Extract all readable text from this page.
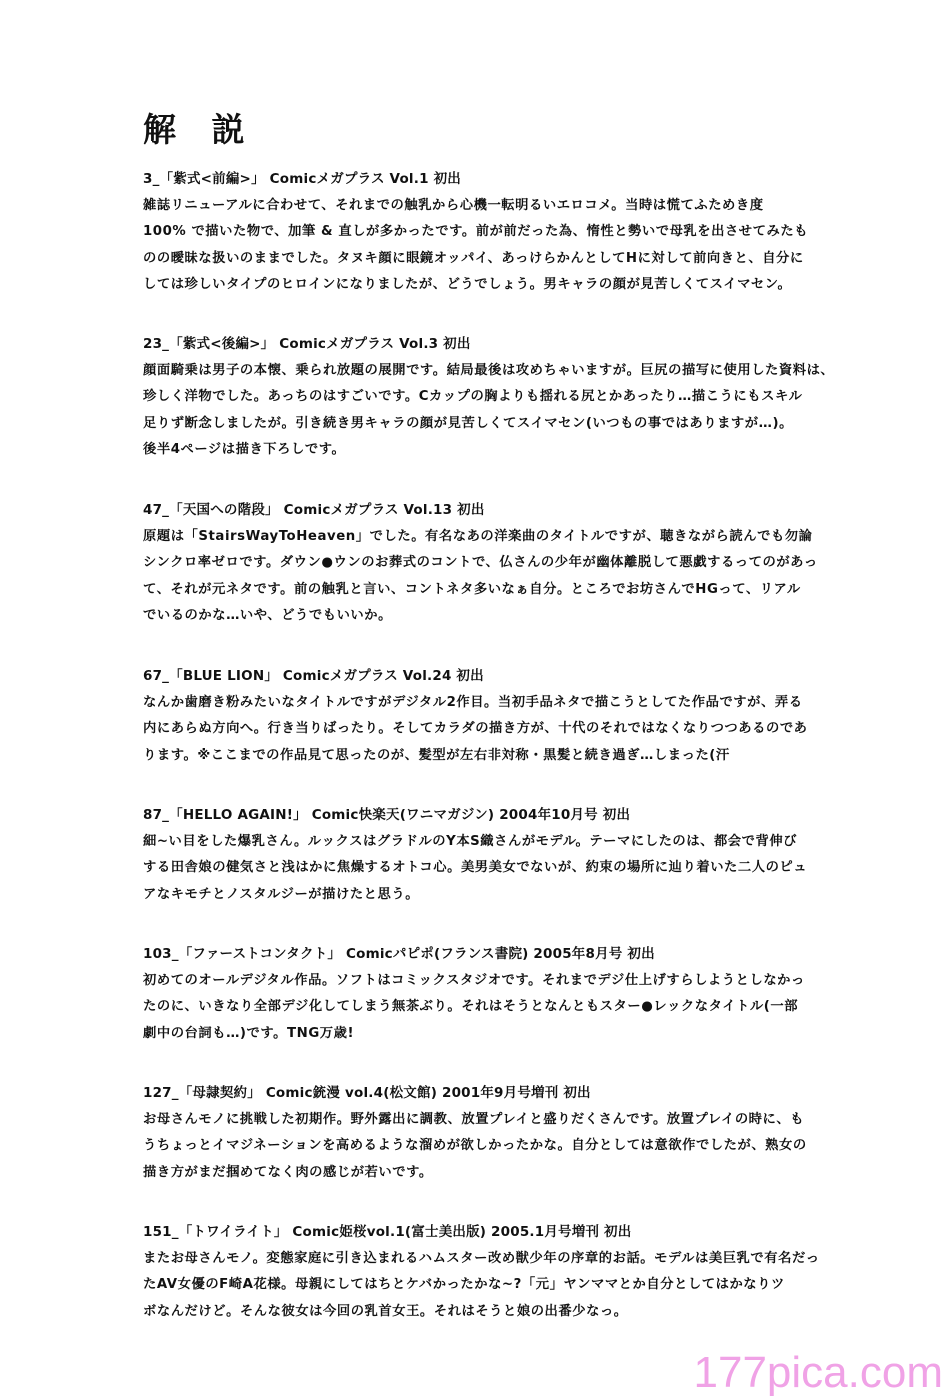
解 説
3_「紫式<前編>」 Comicメガプラス Vol.1 初出
雑誌リニューアルに合わせて、それまでの触乳から心機一転明るいエロコメ。当時は慌てふためき度
100% で描いた物で、加筆 & 直しが多かったです。前が前だった為、惰性と勢いで母乳を出させてみたも
のの曖昧な扱いのままでした。タヌキ顔に眼鏡オッパイ、あっけらかんとしてHに対して前向きと、自分に
しては珍しいタイプのヒロインになりましたが、どうでしょう。男キャラの顔が見苦しくてスイマセン。
23_「紫式<後編>」 Comicメガプラス Vol.3 初出
顔面騎乗は男子の本懐、乗られ放題の展開です。結局最後は攻めちゃいますが。巨尻の描写に使用した資料は、
珍しく洋物でした。あっちのはすごいです。Cカップの胸よりも揺れる尻とかあったり…描こうにもスキル
足りず断念しましたが。引き続き男キャラの顔が見苦しくてスイマセン(いつもの事ではありますが…)。
後半4ページは描き下ろしです。
47_「天国への階段」 Comicメガプラス Vol.13 初出
原題は「StairsWayToHeaven」でした。有名なあの洋楽曲のタイトルですが、聴きながら読んでも勿論
シンクロ率ゼロです。ダウン●ウンのお葬式のコントで、仏さんの少年が幽体離脱して悪戯するってのがあっ
て、それが元ネタです。前の触乳と言い、コントネタ多いなぁ自分。ところでお坊さんでHGって、リアル
でいるのかな…いや、どうでもいいか。
67_「BLUE LION」 Comicメガプラス Vol.24 初出
なんか歯磨き粉みたいなタイトルですがデジタル2作目。当初手品ネタで描こうとしてた作品ですが、弄る
内にあらぬ方向へ。行き当りばったり。そしてカラダの描き方が、十代のそれではなくなりつつあるのであ
ります。※ここまでの作品見て思ったのが、髪型が左右非対称・黒髪と続き過ぎ…しまった(汗
87_「HELLO AGAIN!」 Comic快楽天(ワニマガジン) 2004年10月号 初出
細~い目をした爆乳さん。ルックスはグラドルのY本S織さんがモデル。テーマにしたのは、都会で背伸び
する田舎娘の健気さと浅はかに焦燥するオトコ心。美男美女でないが、約束の場所に辿り着いた二人のピュ
アなキモチとノスタルジーが描けたと思う。
103_「ファーストコンタクト」 Comicパピポ(フランス書院) 2005年8月号 初出
初めてのオールデジタル作品。ソフトはコミックスタジオです。それまでデジ仕上げすらしようとしなかっ
たのに、いきなり全部デジ化してしまう無茶ぶり。それはそうとなんともスター●レックなタイトル(一部
劇中の台詞も…)です。TNG万歳!
127_「母隷契約」 Comic銃漫 vol.4(松文館) 2001年9月号増刊 初出
お母さんモノに挑戦した初期作。野外露出に調教、放置プレイと盛りだくさんです。放置プレイの時に、も
うちょっとイマジネーションを高めるような溜めが欲しかったかな。自分としては意欲作でしたが、熟女の
描き方がまだ掴めてなく肉の感じが若いです。
151_「トワイライト」 Comic姫桜vol.1(富士美出版) 2005.1月号増刊 初出
またお母さんモノ。変態家庭に引き込まれるハムスター改め獣少年の序章的お話。モデルは美巨乳で有名だっ
たAV女優のF崎A花様。母親にしてはちとケバかったかな~?「元」ヤンママとか自分としてはかなりツ
ボなんだけど。そんな彼女は今回の乳首女王。それはそうと娘の出番少なっ。
177pica.com
